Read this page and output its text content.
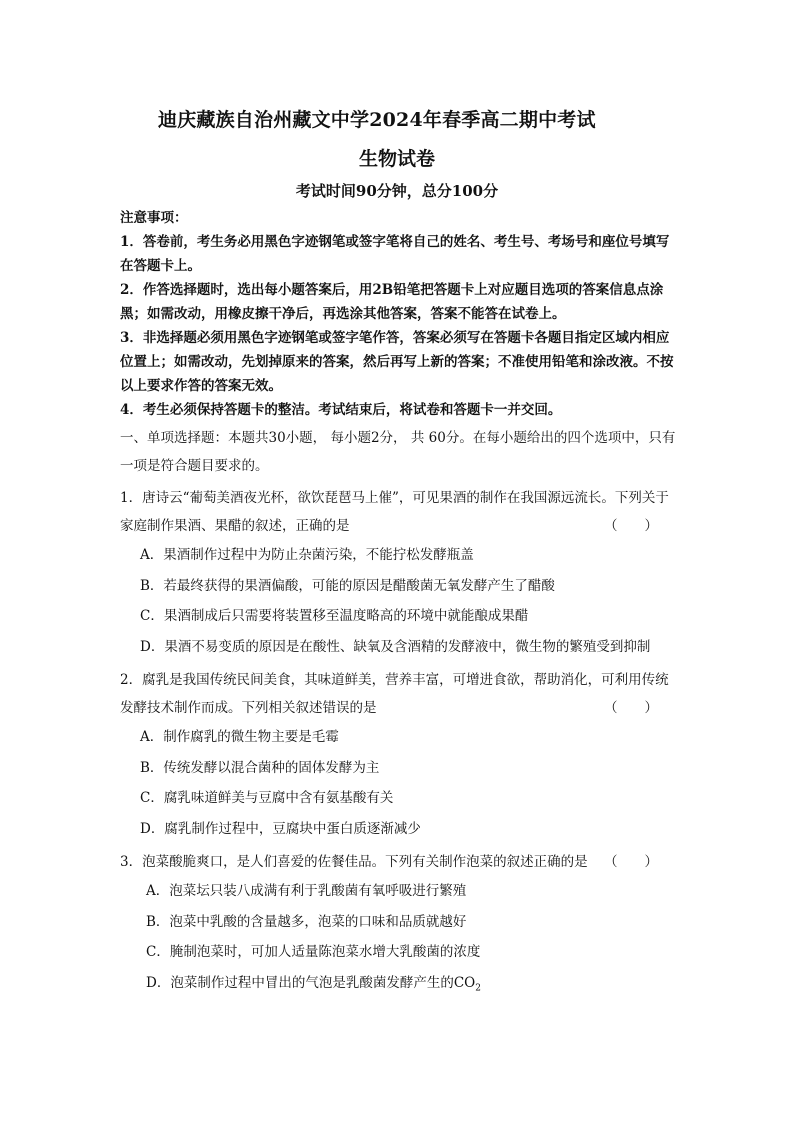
迪庆藏族自治州藏文中学2024年春季高二期中考试
生物试卷
考试时间90分钟，总分100分
注意事项：
1．答卷前，考生务必用黑色字迹钢笔或签字笔将自己的姓名、考生号、考场号和座位号填写在答题卡上。
2．作答选择题时，选出每小题答案后，用2B铅笔把答题卡上对应题目选项的答案信息点涂黑；如需改动，用橡皮擦干净后，再选涂其他答案，答案不能答在试卷上。
3．非选择题必须用黑色字迹钢笔或签字笔作答，答案必须写在答题卡各题目指定区域内相应位置上；如需改动，先划掉原来的答案，然后再写上新的答案；不准使用铅笔和涂改液。不按以上要求作答的答案无效。
4．考生必须保持答题卡的整洁。考试结束后，将试卷和答题卡一并交回。
一、单项选择题：本题共30小题， 每小题2分， 共 60分。在每小题给出的四个选项中，只有一项是符合题目要求的。
1．唐诗云“葡萄美酒夜光杯，欲饮琵琶马上催”，可见果酒的制作在我国源远流长。下列关于家庭制作果酒、果醋的叙述，正确的是	（　　）
A．果酒制作过程中为防止杂菌污染，不能拧松发酵瓶盖
B．若最终获得的果酒偏酸，可能的原因是醋酸菌无氧发酵产生了醋酸
C．果酒制成后只需要将装置移至温度略高的环境中就能酿成果醋
D．果酒不易变质的原因是在酸性、缺氧及含酒精的发酵液中，微生物的繁殖受到抑制
2．腐乳是我国传统民间美食，其味道鲜美，营养丰富，可增进食欲，帮助消化，可利用传统发酵技术制作而成。下列相关叙述错误的是	（　　）
A．制作腐乳的微生物主要是毛霉
B．传统发酵以混合菌种的固体发酵为主
C．腐乳味道鲜美与豆腐中含有氨基酸有关
D．腐乳制作过程中，豆腐块中蛋白质逐渐减少
3．泡菜酸脆爽口，是人们喜爱的佐餐佳品。下列有关制作泡菜的叙述正确的是 （　　）
A．泡菜坛只装八成满有利于乳酸菌有氧呼吸进行繁殖
B．泡菜中乳酸的含量越多，泡菜的口味和品质就越好
C．腌制泡菜时，可加人适量陈泡菜水增大乳酸菌的浓度
D．泡菜制作过程中冒出的气泡是乳酸菌发酵产生的$CO_2$
